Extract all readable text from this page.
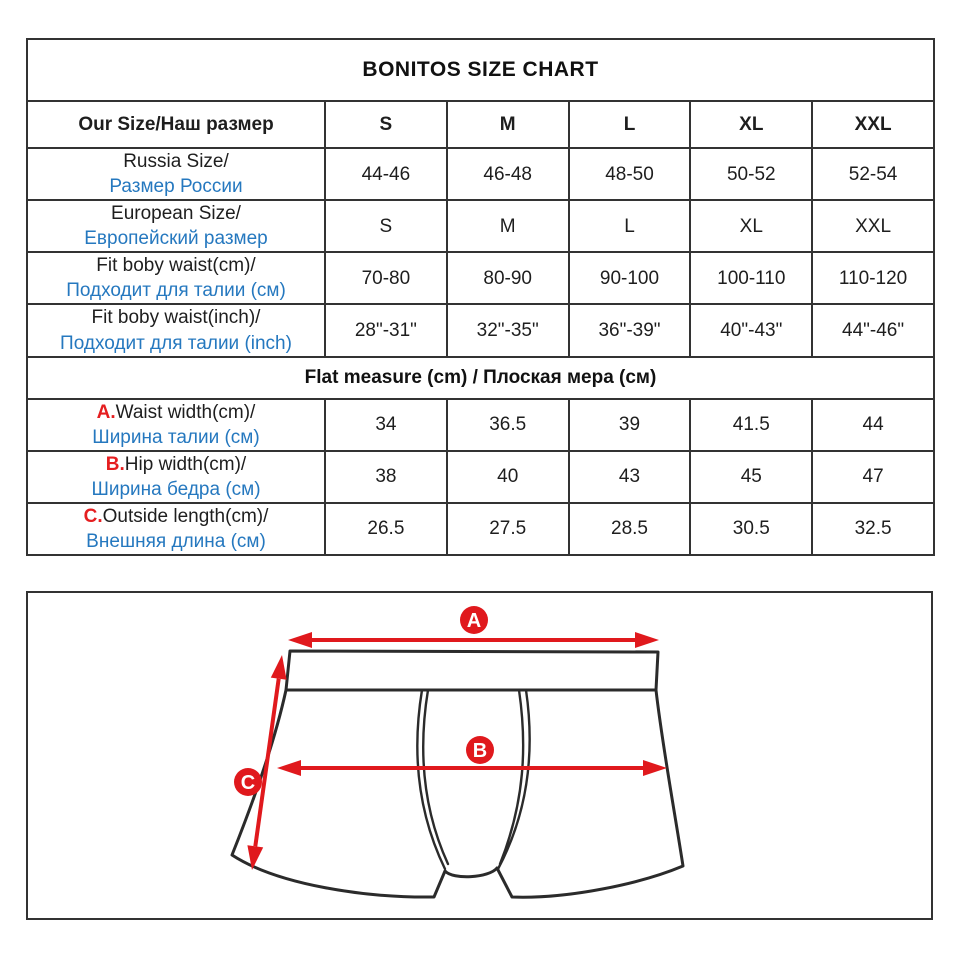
BONITOS SIZE CHART					
Our Size/Наш размер	S	M	L	XL	XXL

Russia Size/
Размер России	44-46	46-48	48-50	50-52	52-54

European Size/
Европейский размер	S	M	L	XL	XXL

Fit boby waist(cm)/
Подходит для талии (см)	70-80	80-90	90-100	100-110	110-120

Fit boby waist(inch)/
Подходит для талии (inch)	28"-31"	32"-35"	36"-39"	40"-43"	44"-46"
Flat measure (cm) / Плоская мера (см)					

A.Waist width(cm)/
Ширина талии (см)	34	36.5	39	41.5	44

B.Hip width(cm)/
Ширина бедра (см)	38	40	43	45	47

C.Outside length(cm)/
Внешняя длина (см)	26.5	27.5	28.5	30.5	32.5
A
B
C
